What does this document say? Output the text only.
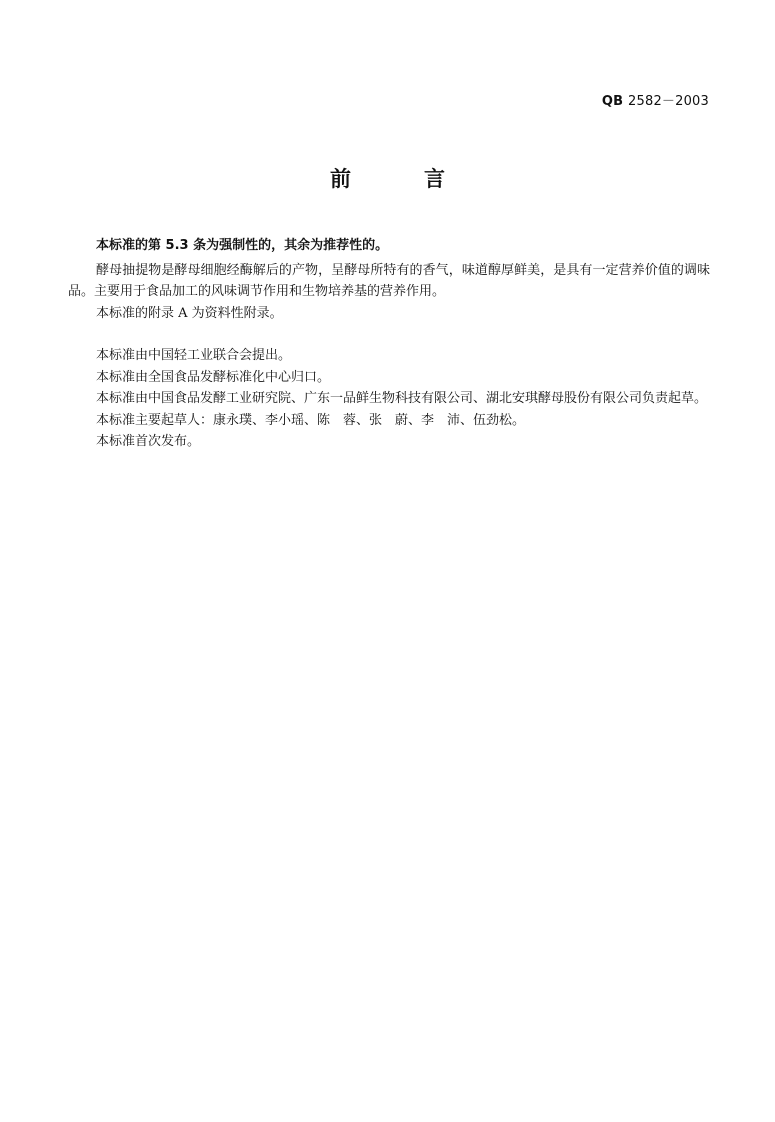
QB 2582－2003
前　言

本标准的第 5.3 条为强制性的，其余为推荐性的。

酵母抽提物是酵母细胞经酶解后的产物，呈酵母所特有的香气，味道醇厚鲜美，是具有一定营养价值的调味品。主要用于食品加工的风味调节作用和生物培养基的营养作用。

本标准的附录 A 为资料性附录。

本标准由中国轻工业联合会提出。

本标准由全国食品发酵标准化中心归口。

本标准由中国食品发酵工业研究院、广东一品鲜生物科技有限公司、湖北安琪酵母股份有限公司负责起草。

本标准主要起草人：康永璞、李小瑶、陈　蓉、张　蔚、李　沛、伍劲松。

本标准首次发布。
